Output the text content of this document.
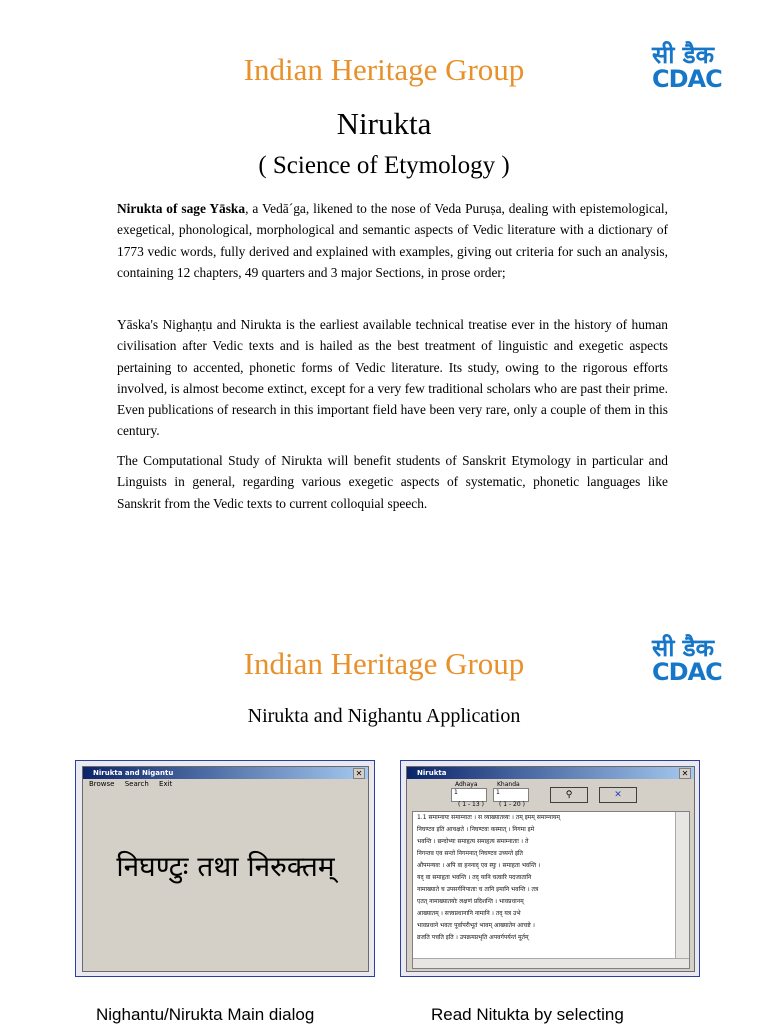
Indian Heritage Group	सी डैक
CDAC
Nirukta
( Science of Etymology )
Nirukta of sage Yāska, a Vedā´ga, likened to the nose of Veda Puruṣa, dealing with epistemological, exegetical, phonological, morphological and semantic aspects of Vedic literature with a dictionary of 1773 vedic words, fully derived and explained with examples, giving out criteria for such an analysis, containing 12 chapters, 49 quarters and 3 major Sections, in prose order;
Yāska's Nighaṇṭu and Nirukta is the earliest available technical treatise ever in the history of human civilisation after Vedic texts and is hailed as the best treatment of linguistic and exegetic aspects pertaining to accented, phonetic forms of Vedic literature. Its study, owing to the rigorous efforts involved, is almost become extinct, except for a very few traditional scholars who are past their prime. Even publications of research in this important field have been very rare, only a couple of them in this century.
The Computational Study of Nirukta will benefit students of Sanskrit Etymology in particular and Linguists in general, regarding various exegetic aspects of systematic, phonetic languages like Sanskrit from the Vedic texts to current colloquial speech.
Indian Heritage Group	सी डैक
CDAC
Nirukta and Nighantu Application
Nirukta and Nigantu	✕
Browse Search Exit
निघण्टुः तथा निरुक्तम्
Nirukta	✕
Adhaya
1
( 1 - 13 )
Khanda
1
( 1 - 20 )
⚲	✕
1.1 समाम्नायः समाम्नातः । स व्याख्यातव्यः । तम् इमम् समाम्नायम्
निघण्टव इति आचक्षते । निघण्टवः कस्मात् । निगमा इमे
भवन्ति । छन्दोभ्यः समाहृत्य समाहृत्य समाम्नाताः । ते
निगन्तव एव सन्तो निगमनात् निघण्टव उच्यन्ते इति
औपमन्यवः । अपि वा हननाद् एव स्युः । समाहता भवन्ति ।
यद् वा समाहृता भवन्ति । तद् यानि चत्वारि पदजातानि
नामाख्याते च उपसर्गनिपाताः च तानि इमानि भवन्ति । तत्र
एतत् नामाख्यातयोः लक्षणं प्रदिशन्ति । भावप्रधानम्
आख्यातम् । सत्त्वप्रधानानि नामानि । तद् यत्र उभे
भावप्रधाने भवतः पूर्वापरीभूतं भावम् आख्यातेन आचष्टे ।
व्रजति पचति इति । उपक्रमप्रभृति अपवर्गपर्यन्तं मूर्तम्
Nighantu/Nirukta Main dialog	Read Nitukta by selecting
